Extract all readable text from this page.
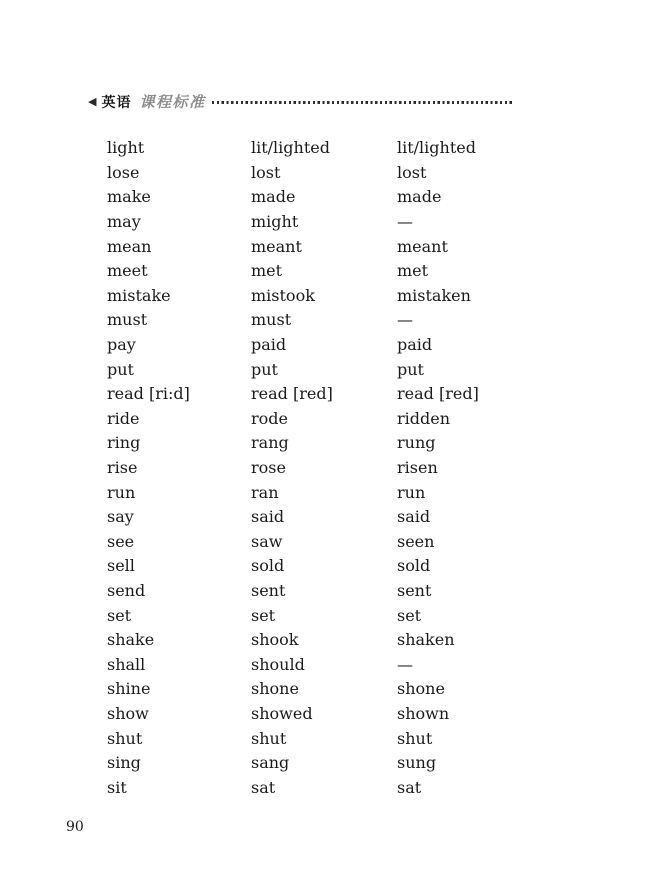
◀ 英语 课程标准
light	lit/lighted	lit/lighted
lose	lost	lost
make	made	made
may	might	—
mean	meant	meant
meet	met	met
mistake	mistook	mistaken
must	must	—
pay	paid	paid
put	put	put
read [ri:d]	read [red]	read [red]
ride	rode	ridden
ring	rang	rung
rise	rose	risen
run	ran	run
say	said	said
see	saw	seen
sell	sold	sold
send	sent	sent
set	set	set
shake	shook	shaken
shall	should	—
shine	shone	shone
show	showed	shown
shut	shut	shut
sing	sang	sung
sit	sat	sat
90
